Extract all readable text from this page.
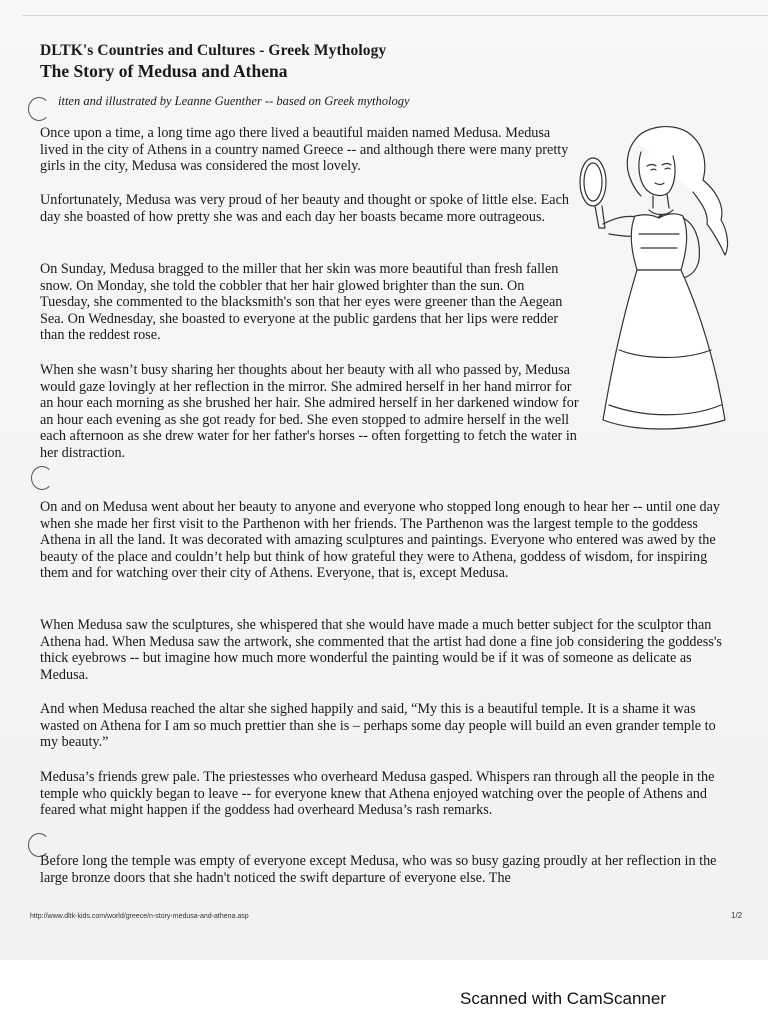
DLTK's Countries and Cultures - Greek Mythology
The Story of Medusa and Athena
itten and illustrated by Leanne Guenther -- based on Greek mythology

Once upon a time, a long time ago there lived a beautiful maiden named Medusa. Medusa lived in the city of Athens in a country named Greece -- and although there were many pretty girls in the city, Medusa was considered the most lovely.

Unfortunately, Medusa was very proud of her beauty and thought or spoke of little else. Each day she boasted of how pretty she was and each day her boasts became more outrageous.

On Sunday, Medusa bragged to the miller that her skin was more beautiful than fresh fallen snow. On Monday, she told the cobbler that her hair glowed brighter than the sun. On Tuesday, she commented to the blacksmith's son that her eyes were greener than the Aegean Sea. On Wednesday, she boasted to everyone at the public gardens that her lips were redder than the reddest rose.

When she wasn’t busy sharing her thoughts about her beauty with all who passed by, Medusa would gaze lovingly at her reflection in the mirror. She admired herself in her hand mirror for an hour each morning as she brushed her hair. She admired herself in her darkened window for an hour each evening as she got ready for bed. She even stopped to admire herself in the well each afternoon as she drew water for her father's horses -- often forgetting to fetch the water in her distraction.

On and on Medusa went about her beauty to anyone and everyone who stopped long enough to hear her -- until one day when she made her first visit to the Parthenon with her friends. The Parthenon was the largest temple to the goddess Athena in all the land. It was decorated with amazing sculptures and paintings. Everyone who entered was awed by the beauty of the place and couldn’t help but think of how grateful they were to Athena, goddess of wisdom, for inspiring them and for watching over their city of Athens. Everyone, that is, except Medusa.

When Medusa saw the sculptures, she whispered that she would have made a much better subject for the sculptor than Athena had. When Medusa saw the artwork, she commented that the artist had done a fine job considering the goddess's thick eyebrows -- but imagine how much more wonderful the painting would be if it was of someone as delicate as Medusa.

And when Medusa reached the altar she sighed happily and said, “My this is a beautiful temple. It is a shame it was wasted on Athena for I am so much prettier than she is – perhaps some day people will build an even grander temple to my beauty.”

Medusa’s friends grew pale. The priestesses who overheard Medusa gasped. Whispers ran through all the people in the temple who quickly began to leave -- for everyone knew that Athena enjoyed watching over the people of Athens and feared what might happen if the goddess had overheard Medusa’s rash remarks.

Before long the temple was empty of everyone except Medusa, who was so busy gazing proudly at her reflection in the large bronze doors that she hadn't noticed the swift departure of everyone else. The

http://www.dltk-kids.com/world/greece/n-story-medusa-and-athena.asp	1/2
Scanned with CamScanner
